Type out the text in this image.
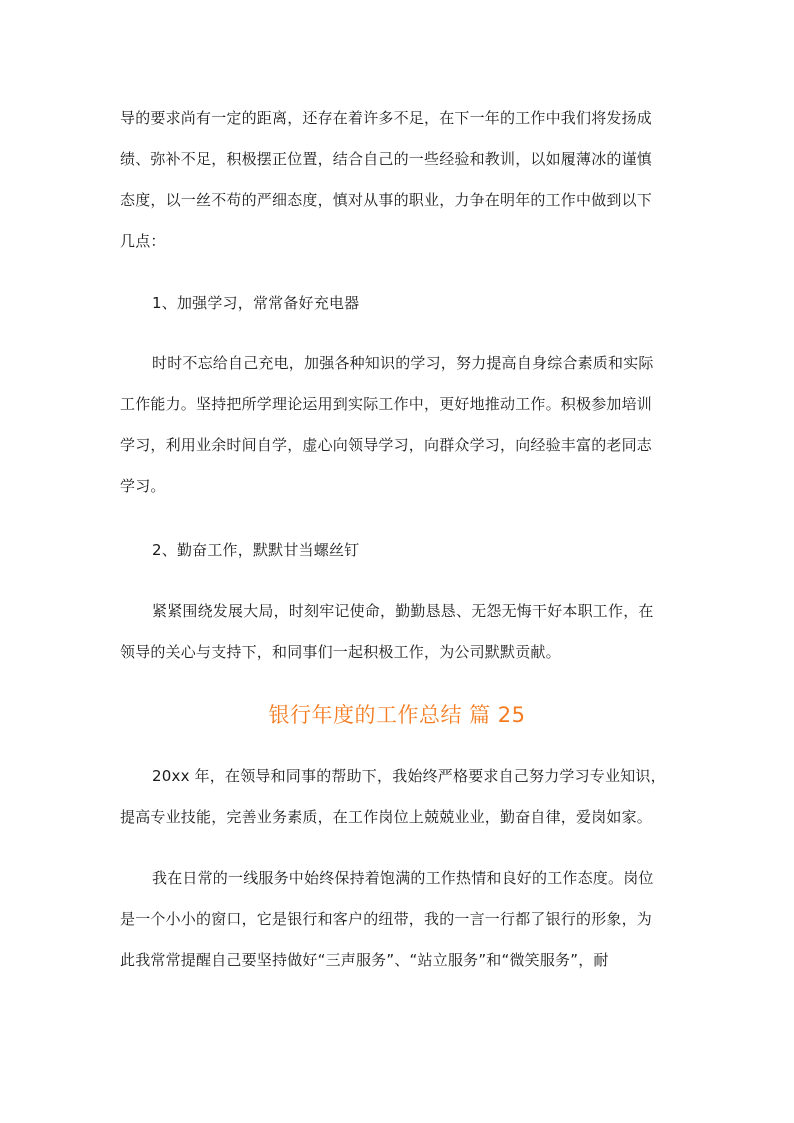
导的要求尚有一定的距离，还存在着许多不足，在下一年的工作中我们将发扬成
绩、弥补不足，积极摆正位置，结合自己的一些经验和教训，以如履薄冰的谨慎
态度，以一丝不苟的严细态度，慎对从事的职业，力争在明年的工作中做到以下
几点：

1、加强学习，常常备好充电器

时时不忘给自己充电，加强各种知识的学习，努力提高自身综合素质和实际
工作能力。坚持把所学理论运用到实际工作中，更好地推动工作。积极参加培训
学习，利用业余时间自学，虚心向领导学习，向群众学习，向经验丰富的老同志
学习。

2、勤奋工作，默默甘当螺丝钉

紧紧围绕发展大局，时刻牢记使命，勤勤恳恳、无怨无悔干好本职工作，在
领导的关心与支持下，和同事们一起积极工作，为公司默默贡献。

银行年度的工作总结 篇 25

20xx 年，在领导和同事的帮助下，我始终严格要求自己努力学习专业知识，
提高专业技能，完善业务素质，在工作岗位上兢兢业业，勤奋自律，爱岗如家。

我在日常的一线服务中始终保持着饱满的工作热情和良好的工作态度。岗位
是一个小小的窗口，它是银行和客户的纽带，我的一言一行都了银行的形象，为
此我常常提醒自己要坚持做好“三声服务”、“站立服务”和“微笑服务”，耐
